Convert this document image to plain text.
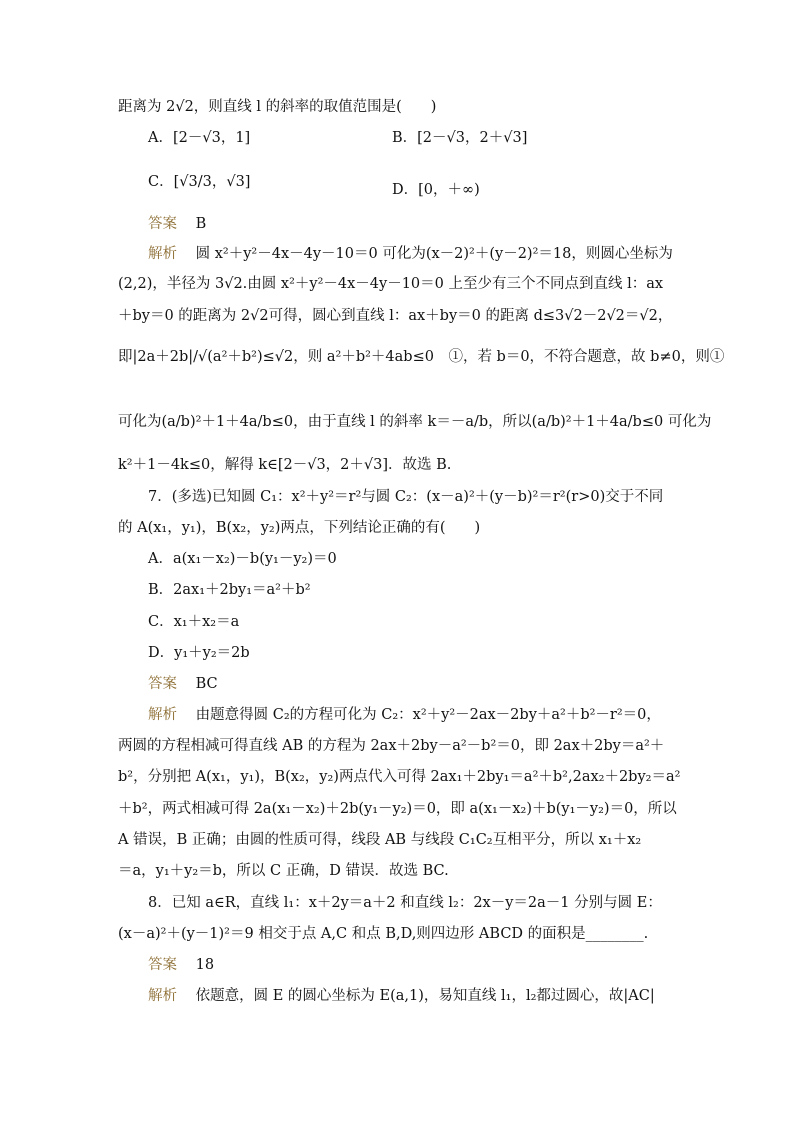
距离为 2√2，则直线 l 的斜率的取值范围是(　　)
A．[2－√3，1]	B．[2－√3，2＋√3]
C．[√3/3，√3]	D．[0，＋∞)
答案 B
解析 圆 x²＋y²－4x－4y－10＝0 可化为(x－2)²＋(y－2)²＝18，则圆心坐标为
(2,2)，半径为 3√2.由圆 x²＋y²－4x－4y－10＝0 上至少有三个不同点到直线 l：ax
＋by＝0 的距离为 2√2可得，圆心到直线 l：ax＋by＝0 的距离 d≤3√2－2√2＝√2，
即|2a＋2b|/√(a²＋b²)≤√2，则 a²＋b²＋4ab≤0　①，若 b＝0，不符合题意，故 b≠0，则①
可化为(a/b)²＋1＋4a/b≤0，由于直线 l 的斜率 k＝－a/b，所以(a/b)²＋1＋4a/b≤0 可化为
k²＋1－4k≤0，解得 k∈[2－√3，2＋√3]．故选 B.
7．(多选)已知圆 C₁：x²＋y²＝r²与圆 C₂：(x－a)²＋(y－b)²＝r²(r>0)交于不同
的 A(x₁，y₁)，B(x₂，y₂)两点，下列结论正确的有(　　)
A．a(x₁－x₂)－b(y₁－y₂)＝0
B．2ax₁＋2by₁＝a²＋b²
C．x₁＋x₂＝a
D．y₁＋y₂＝2b
答案 BC
解析 由题意得圆 C₂的方程可化为 C₂：x²＋y²－2ax－2by＋a²＋b²－r²＝0，
两圆的方程相减可得直线 AB 的方程为 2ax＋2by－a²－b²＝0，即 2ax＋2by＝a²＋
b²，分别把 A(x₁，y₁)，B(x₂，y₂)两点代入可得 2ax₁＋2by₁＝a²＋b²,2ax₂＋2by₂＝a²
＋b²，两式相减可得 2a(x₁－x₂)＋2b(y₁－y₂)＝0，即 a(x₁－x₂)＋b(y₁－y₂)＝0，所以
A 错误，B 正确；由圆的性质可得，线段 AB 与线段 C₁C₂互相平分，所以 x₁＋x₂
＝a，y₁＋y₂＝b，所以 C 正确，D 错误．故选 BC.
8．已知 a∈R，直线 l₁：x＋2y＝a＋2 和直线 l₂：2x－y＝2a－1 分别与圆 E：
(x－a)²＋(y－1)²＝9 相交于点 A,C 和点 B,D,则四边形 ABCD 的面积是________.
答案 18
解析 依题意，圆 E 的圆心坐标为 E(a,1)，易知直线 l₁，l₂都过圆心，故|AC|
